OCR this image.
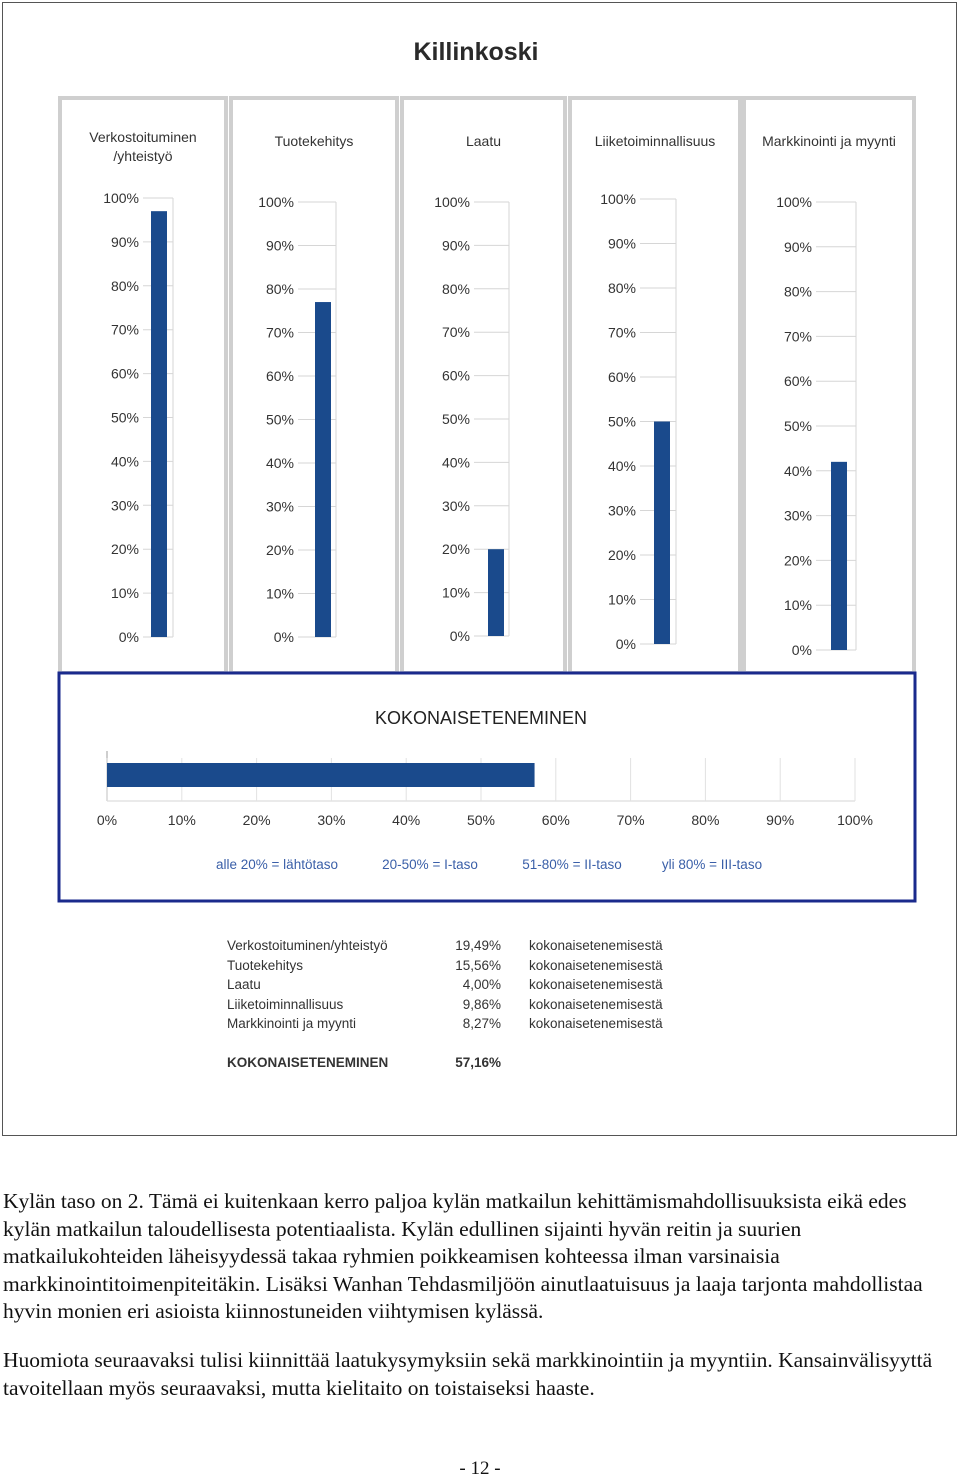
Killinkoski
Verkostoituminen
/yhteistyö
0%
10%
20%
30%
40%
50%
60%
70%
80%
90%
100%
Tuotekehitys
0%
10%
20%
30%
40%
50%
60%
70%
80%
90%
100%
Laatu
0%
10%
20%
30%
40%
50%
60%
70%
80%
90%
100%
Liiketoiminnallisuus
0%
10%
20%
30%
40%
50%
60%
70%
80%
90%
100%
Markkinointi ja myynti
0%
10%
20%
30%
40%
50%
60%
70%
80%
90%
100%
KOKONAISETENEMINEN
0%	10%	20%	30%	40%	50%	60%	70%	80%	90%	100%
alle 20% = lähtötaso	20-50% = I-taso	51-80% = II-taso	yli 80% = III-taso
Verkostoituminen/yhteistyö	19,49% kokonaisetenemisestä
Tuotekehitys	15,56% kokonaisetenemisestä
Laatu	4,00% kokonaisetenemisestä
Liiketoiminnallisuus	9,86% kokonaisetenemisestä
Markkinointi ja myynti	8,27% kokonaisetenemisestä
KOKONAISETENEMINEN	57,16%

Kylän taso on 2. Tämä ei kuitenkaan kerro paljoa kylän matkailun kehittämismahdollisuuksista eikä edes kylän matkailun taloudellisesta potentiaalista. Kylän edullinen sijainti hyvän reitin ja suurien matkailukohteiden läheisyydessä takaa ryhmien poikkeamisen kohteessa ilman varsinaisia markkinointitoimenpiteitäkin. Lisäksi Wanhan Tehdasmiljöön ainutlaatuisuus ja laaja tarjonta mahdollistaa hyvin monien eri asioista kiinnostuneiden viihtymisen kylässä.

Huomiota seuraavaksi tulisi kiinnittää laatukysymyksiin sekä markkinointiin ja myyntiin. Kansainvälisyyttä tavoitellaan myös seuraavaksi, mutta kielitaito on toistaiseksi haaste.

- 12 -
